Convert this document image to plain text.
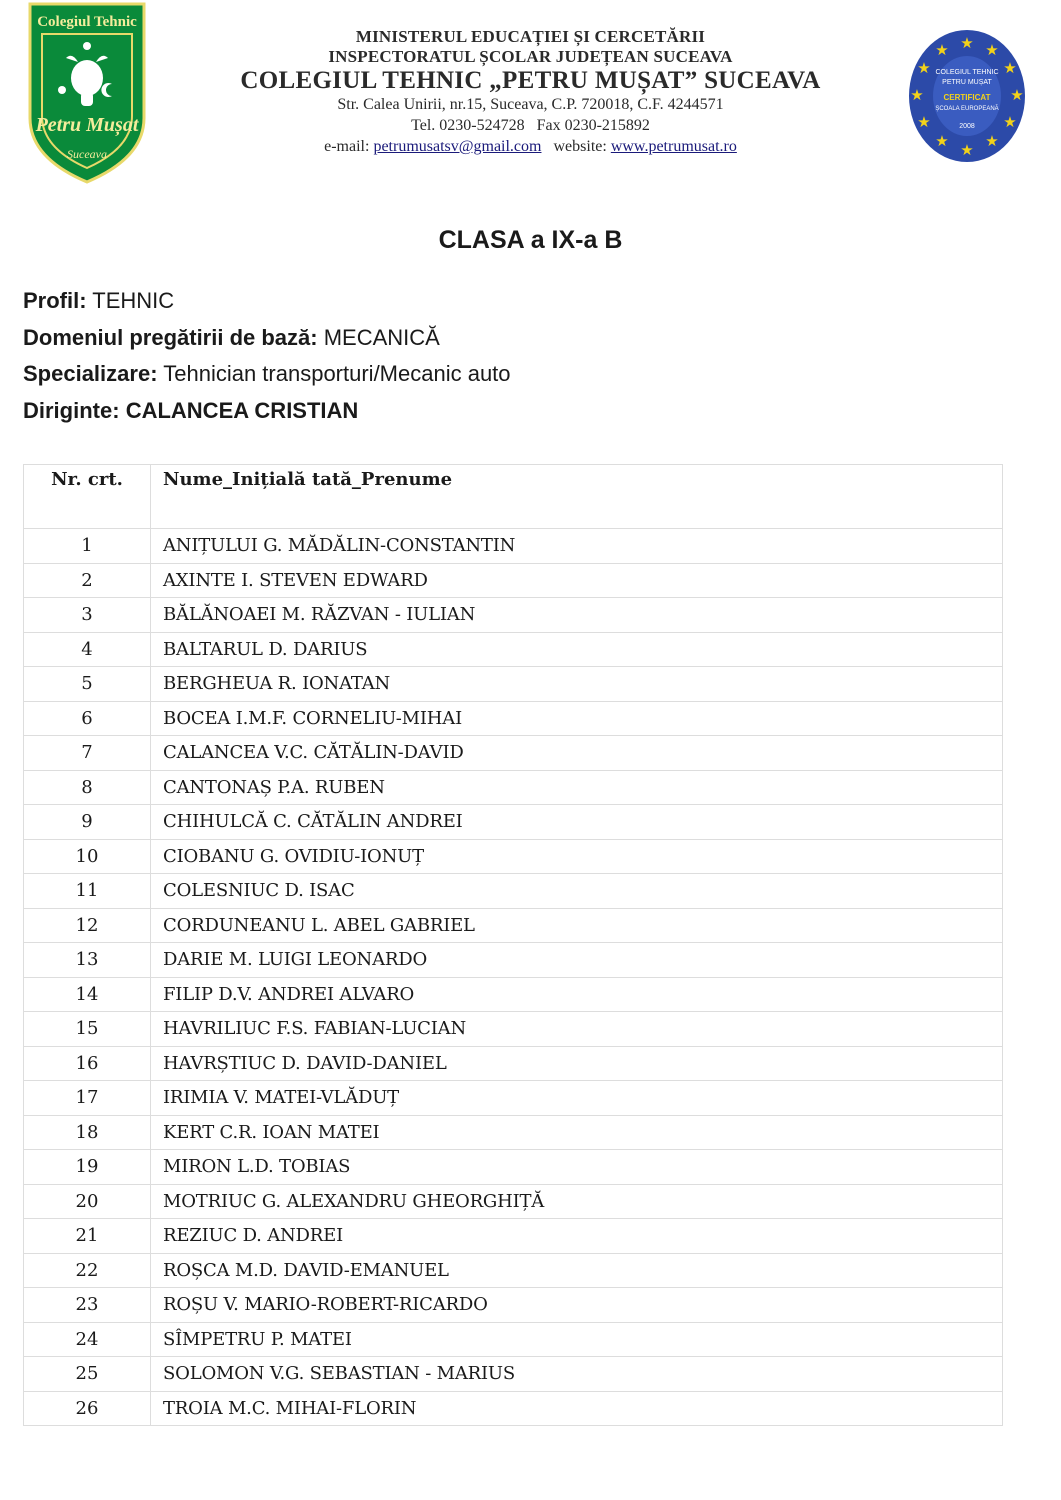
Colegiul Tehnic
Petru Mușat
Suceava
MINISTERUL EDUCAȚIEI ȘI CERCETĂRII
INSPECTORATUL ȘCOLAR JUDEȚEAN SUCEAVA
COLEGIUL TEHNIC „PETRU MUȘAT” SUCEAVA
Str. Calea Unirii, nr.15, Suceava, C.P. 720018, C.F. 4244571
Tel. 0230-524728   Fax 0230-215892
e-mail: petrumusatsv@gmail.com website: www.petrumusat.ro
★ ★
★
★
★
★
★
★
★
★
★
★
COLEGIUL TEHNIC
PETRU MUȘAT
CERTIFICAT
ȘCOALA EUROPEANĂ
2008
CLASA a IX-a B
Profil: TEHNIC
Domeniul pregătirii de bază: MECANICĂ
Specializare: Tehnician transporturi/Mecanic auto
Diriginte: CALANCEA CRISTIAN
Nr. crt.	Nume_Inițială tată_Prenume
1	ANIȚULUI G. MĂDĂLIN-CONSTANTIN
2	AXINTE I. STEVEN EDWARD
3	BĂLĂNOAEI M. RĂZVAN - IULIAN
4	BALTARUL D. DARIUS
5	BERGHEUA R. IONATAN
6	BOCEA I.M.F. CORNELIU-MIHAI
7	CALANCEA V.C. CĂTĂLIN-DAVID
8	CANTONAȘ P.A. RUBEN
9	CHIHULCĂ C. CĂTĂLIN ANDREI
10	CIOBANU G. OVIDIU-IONUȚ
11	COLESNIUC D. ISAC
12	CORDUNEANU L. ABEL GABRIEL
13	DARIE M. LUIGI LEONARDO
14	FILIP D.V. ANDREI ALVARO
15	HAVRILIUC F.S. FABIAN-LUCIAN
16	HAVRȘTIUC D. DAVID-DANIEL
17	IRIMIA V. MATEI-VLĂDUȚ
18	KERT C.R. IOAN MATEI
19	MIRON L.D. TOBIAS
20	MOTRIUC G. ALEXANDRU GHEORGHIȚĂ
21	REZIUC D. ANDREI
22	ROȘCA M.D. DAVID-EMANUEL
23	ROȘU V. MARIO-ROBERT-RICARDO
24	SÎMPETRU P. MATEI
25	SOLOMON V.G. SEBASTIAN - MARIUS
26	TROIA M.C. MIHAI-FLORIN
